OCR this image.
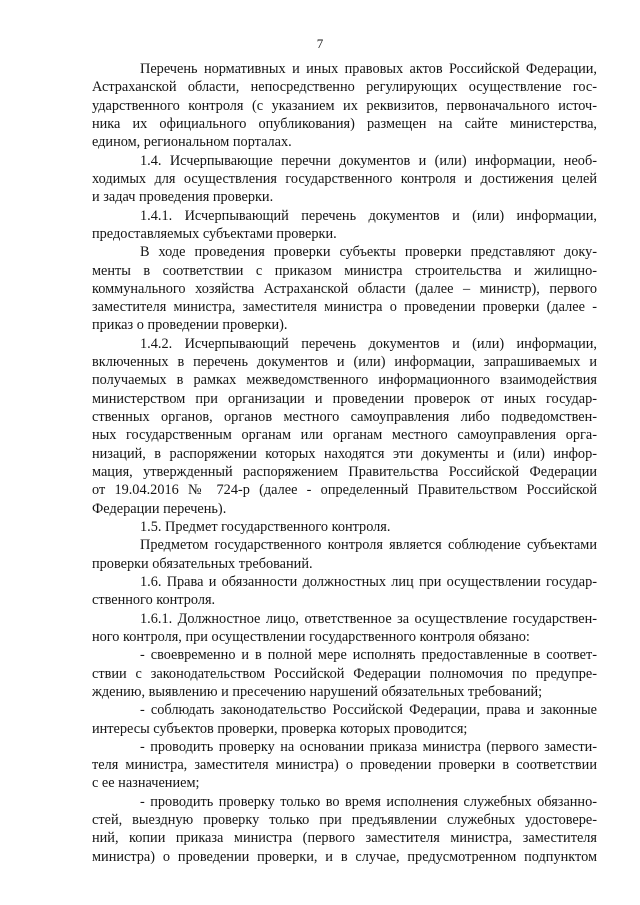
7
Перечень нормативных и иных правовых актов Российской Федерации,
Астраханской области, непосредственно регулирующих осуществление гос-
ударственного контроля (с указанием их реквизитов, первоначального источ-
ника их официального опубликования) размещен на сайте министерства,
едином, региональном порталах.
1.4. Исчерпывающие перечни документов и (или) информации, необ-
ходимых для осуществления государственного контроля и достижения целей
и задач проведения проверки.
1.4.1. Исчерпывающий перечень документов и (или) информации,
предоставляемых субъектами проверки.
В ходе проведения проверки субъекты проверки представляют доку-
менты в соответствии с приказом министра строительства и жилищно-
коммунального хозяйства Астраханской области (далее – министр), первого
заместителя министра, заместителя министра о проведении проверки (далее -
приказ о проведении проверки).
1.4.2. Исчерпывающий перечень документов и (или) информации,
включенных в перечень документов и (или) информации, запрашиваемых и
получаемых в рамках межведомственного информационного взаимодействия
министерством при организации и проведении проверок от иных государ-
ственных органов, органов местного самоуправления либо подведомствен-
ных государственным органам или органам местного самоуправления орга-
низаций, в распоряжении которых находятся эти документы и (или) инфор-
мация, утвержденный распоряжением Правительства Российской Федерации
от 19.04.2016 № 724-р (далее - определенный Правительством Российской
Федерации перечень).
1.5. Предмет государственного контроля.
Предметом государственного контроля является соблюдение субъектами
проверки обязательных требований.
1.6. Права и обязанности должностных лиц при осуществлении государ-
ственного контроля.
1.6.1. Должностное лицо, ответственное за осуществление государствен-
ного контроля, при осуществлении государственного контроля обязано:
- своевременно и в полной мере исполнять предоставленные в соответ-
ствии с законодательством Российской Федерации полномочия по предупре-
ждению, выявлению и пресечению нарушений обязательных требований;
- соблюдать законодательство Российской Федерации, права и законные
интересы субъектов проверки, проверка которых проводится;
- проводить проверку на основании приказа министра (первого замести-
теля министра, заместителя министра) о проведении проверки в соответствии
с ее назначением;
- проводить проверку только во время исполнения служебных обязанно-
стей, выездную проверку только при предъявлении служебных удостовере-
ний, копии приказа министра (первого заместителя министра, заместителя
министра) о проведении проверки, и в случае, предусмотренном подпунктом
